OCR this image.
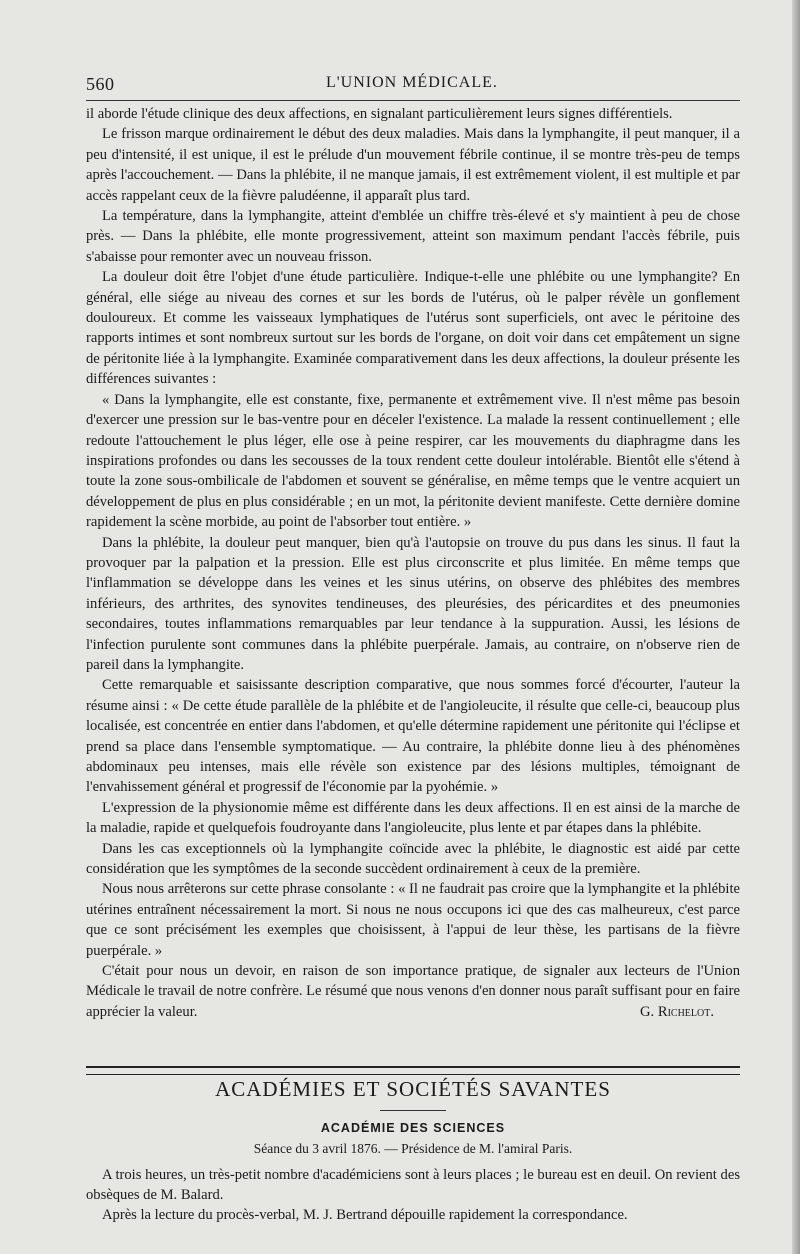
560	L'UNION MÉDICALE.

il aborde l'étude clinique des deux affections, en signalant particulièrement leurs signes différentiels.

Le frisson marque ordinairement le début des deux maladies. Mais dans la lymphangite, il peut manquer, il a peu d'intensité, il est unique, il est le prélude d'un mouvement fébrile continue, il se montre très-peu de temps après l'accouchement. — Dans la phlébite, il ne manque jamais, il est extrêmement violent, il est multiple et par accès rappelant ceux de la fièvre paludéenne, il apparaît plus tard.

La température, dans la lymphangite, atteint d'emblée un chiffre très-élevé et s'y maintient à peu de chose près. — Dans la phlébite, elle monte progressivement, atteint son maximum pendant l'accès fébrile, puis s'abaisse pour remonter avec un nouveau frisson.

La douleur doit être l'objet d'une étude particulière. Indique-t-elle une phlébite ou une lymphangite? En général, elle siége au niveau des cornes et sur les bords de l'utérus, où le palper révèle un gonflement douloureux. Et comme les vaisseaux lymphatiques de l'utérus sont superficiels, ont avec le péritoine des rapports intimes et sont nombreux surtout sur les bords de l'organe, on doit voir dans cet empâtement un signe de péritonite liée à la lymphangite. Examinée comparativement dans les deux affections, la douleur présente les différences suivantes :

« Dans la lymphangite, elle est constante, fixe, permanente et extrêmement vive. Il n'est même pas besoin d'exercer une pression sur le bas-ventre pour en déceler l'existence. La malade la ressent continuellement ; elle redoute l'attouchement le plus léger, elle ose à peine respirer, car les mouvements du diaphragme dans les inspirations profondes ou dans les secousses de la toux rendent cette douleur intolérable. Bientôt elle s'étend à toute la zone sous-ombilicale de l'abdomen et souvent se généralise, en même temps que le ventre acquiert un développement de plus en plus considérable ; en un mot, la péritonite devient manifeste. Cette dernière domine rapidement la scène morbide, au point de l'absorber tout entière. »

Dans la phlébite, la douleur peut manquer, bien qu'à l'autopsie on trouve du pus dans les sinus. Il faut la provoquer par la palpation et la pression. Elle est plus circonscrite et plus limitée. En même temps que l'inflammation se développe dans les veines et les sinus utérins, on observe des phlébites des membres inférieurs, des arthrites, des synovites tendineuses, des pleurésies, des péricardites et des pneumonies secondaires, toutes inflammations remarquables par leur tendance à la suppuration. Aussi, les lésions de l'infection purulente sont communes dans la phlébite puerpérale. Jamais, au contraire, on n'observe rien de pareil dans la lymphangite.

Cette remarquable et saisissante description comparative, que nous sommes forcé d'écourter, l'auteur la résume ainsi : « De cette étude parallèle de la phlébite et de l'angioleucite, il résulte que celle-ci, beaucoup plus localisée, est concentrée en entier dans l'abdomen, et qu'elle détermine rapidement une péritonite qui l'éclipse et prend sa place dans l'ensemble symptomatique. — Au contraire, la phlébite donne lieu à des phénomènes abdominaux peu intenses, mais elle révèle son existence par des lésions multiples, témoignant de l'envahissement général et progressif de l'économie par la pyohémie. »

L'expression de la physionomie même est différente dans les deux affections. Il en est ainsi de la marche de la maladie, rapide et quelquefois foudroyante dans l'angioleucite, plus lente et par étapes dans la phlébite.

Dans les cas exceptionnels où la lymphangite coïncide avec la phlébite, le diagnostic est aidé par cette considération que les symptômes de la seconde succèdent ordinairement à ceux de la première.

Nous nous arrêterons sur cette phrase consolante : « Il ne faudrait pas croire que la lymphangite et la phlébite utérines entraînent nécessairement la mort. Si nous ne nous occupons ici que des cas malheureux, c'est parce que ce sont précisément les exemples que choisissent, à l'appui de leur thèse, les partisans de la fièvre puerpérale. »

C'était pour nous un devoir, en raison de son importance pratique, de signaler aux lecteurs de l'Union Médicale le travail de notre confrère. Le résumé que nous venons d'en donner nous paraît suffisant pour en faire apprécier la valeur.	G. Richelot.

ACADÉMIES ET SOCIÉTÉS SAVANTES
ACADÉMIE DES SCIENCES
Séance du 3 avril 1876. — Présidence de M. l'amiral Paris.

A trois heures, un très-petit nombre d'académiciens sont à leurs places ; le bureau est en deuil. On revient des obsèques de M. Balard.

Après la lecture du procès-verbal, M. J. Bertrand dépouille rapidement la correspondance.
